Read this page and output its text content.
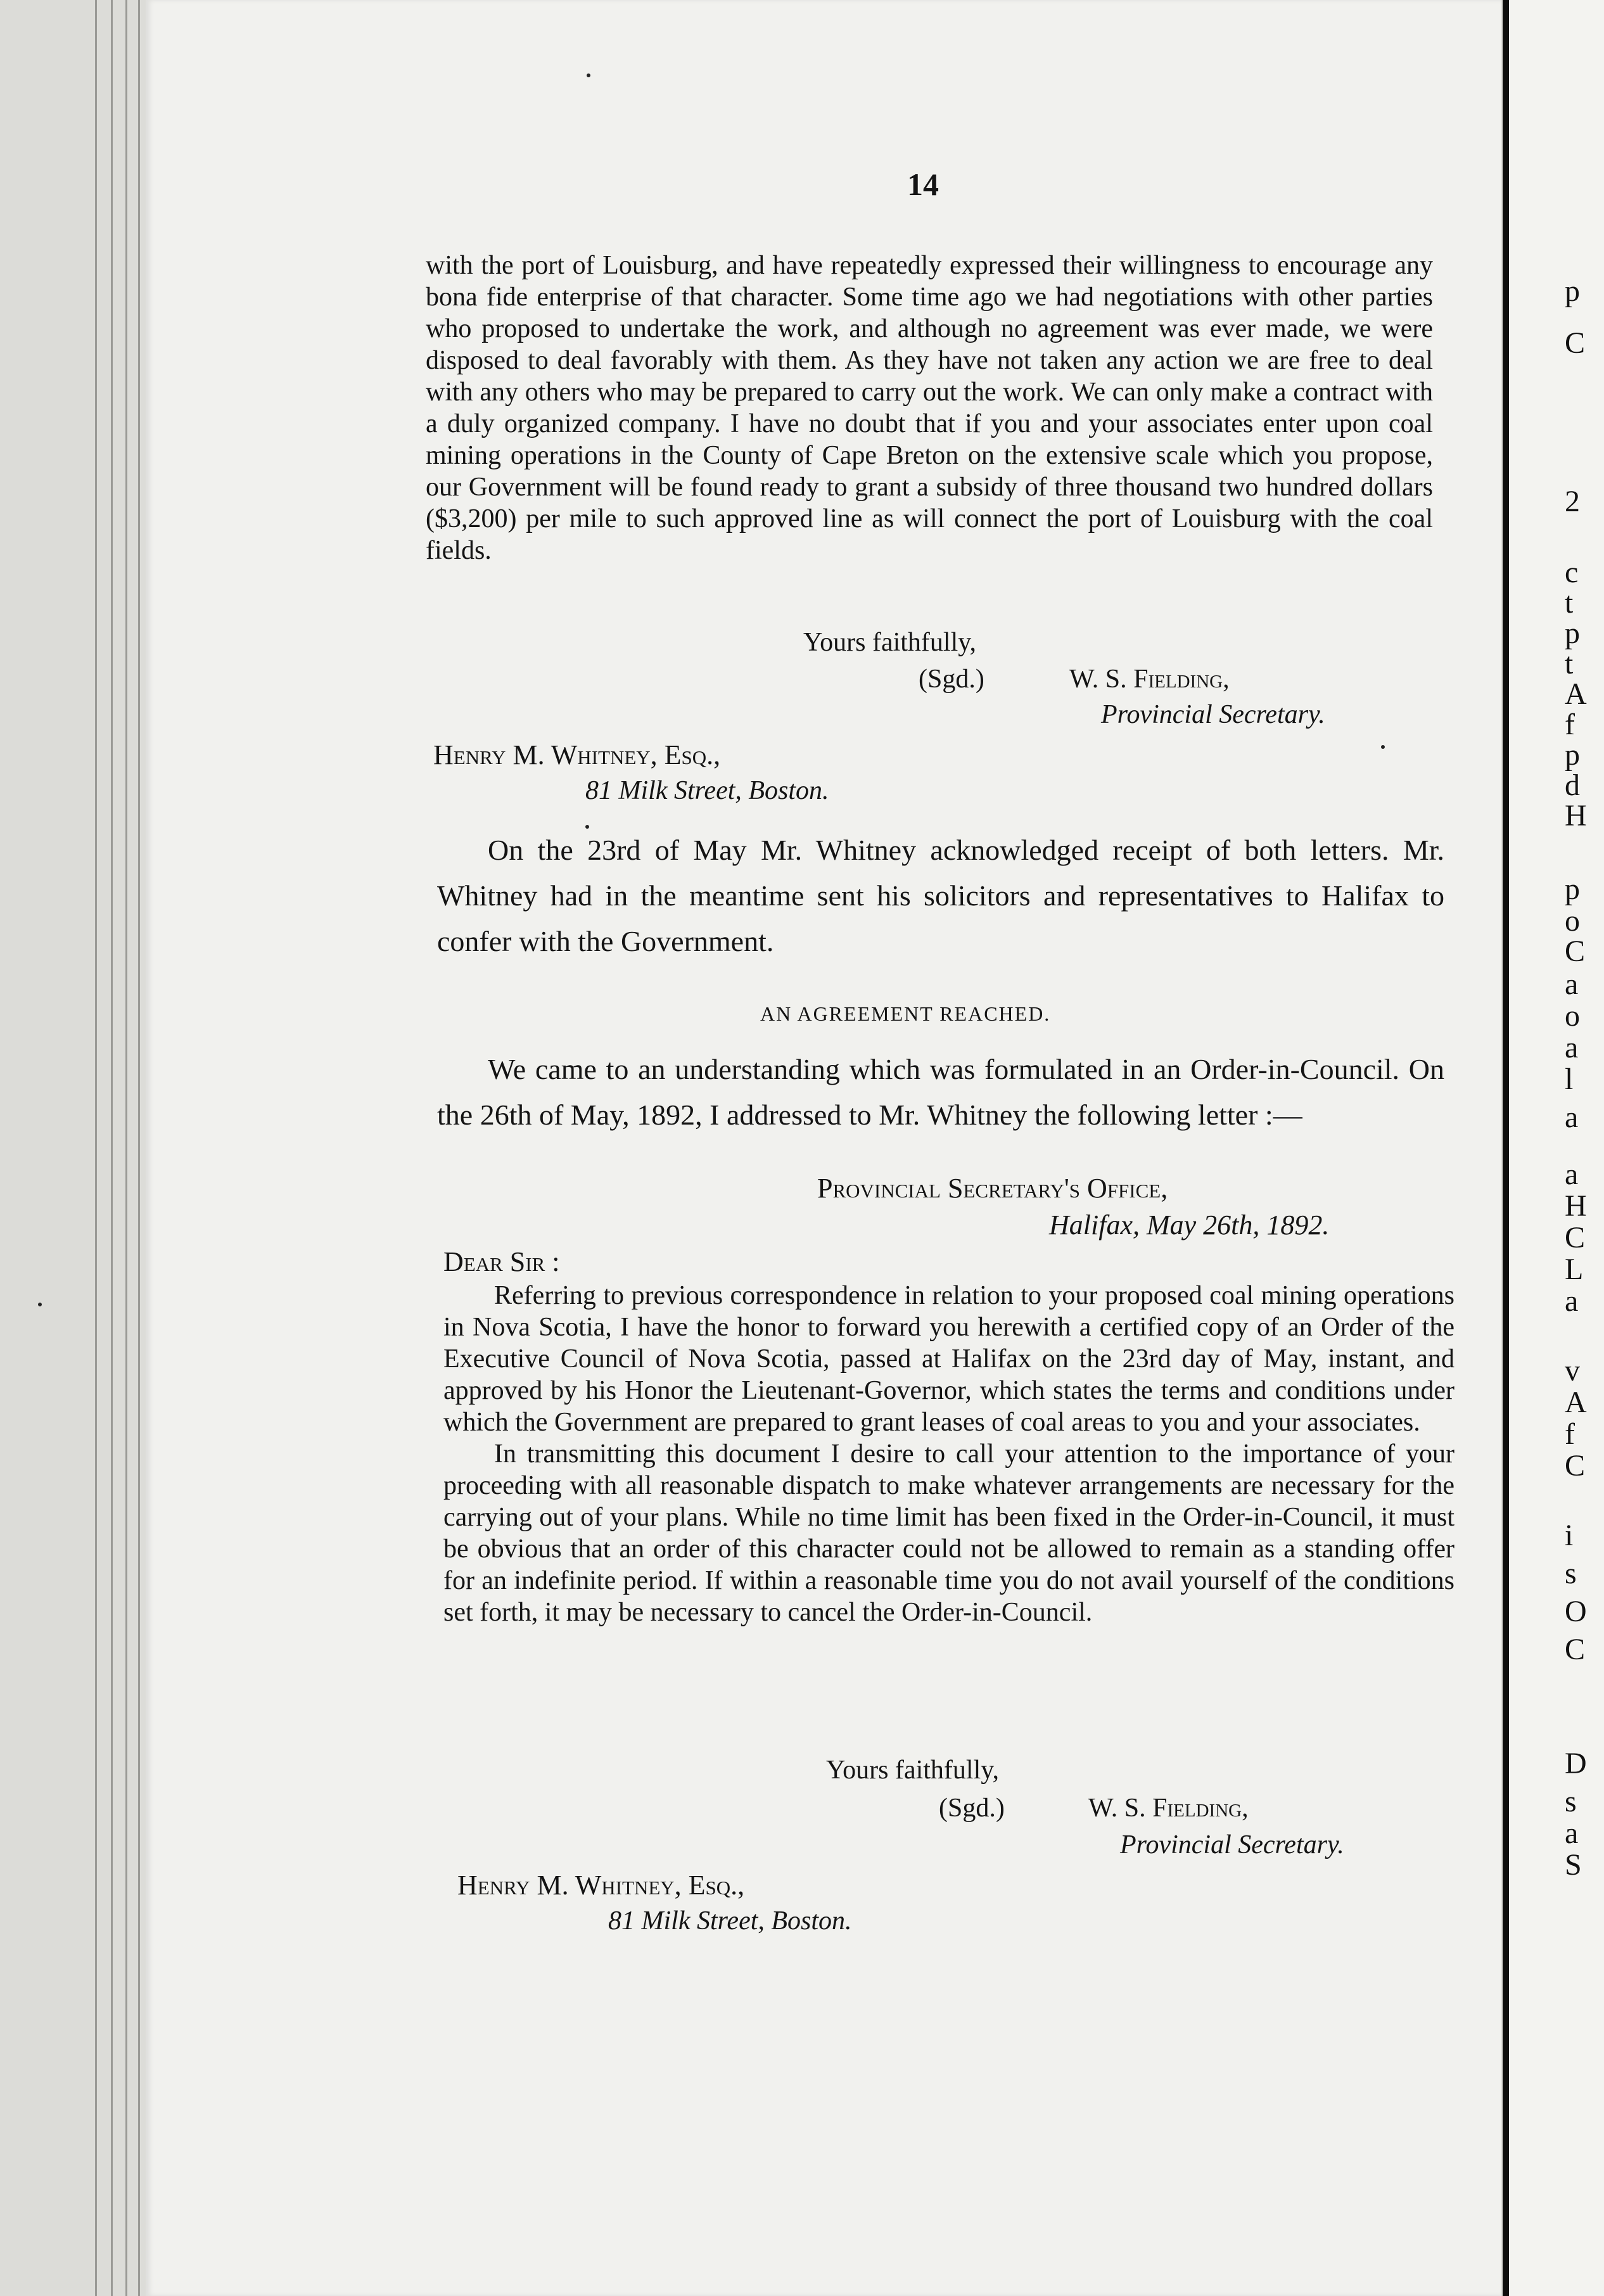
p
C
2
c
t
p
t
A
f
p
d
H
p
o
C
a
o
a
l
a
a
H
C
L
a
v
A
f
C
i
s
O
C
D
s
a
S
14

with the port of Louisburg, and have repeatedly expressed their willingness to encourage any bona fide enterprise of that character. Some time ago we had negotiations with other parties who proposed to undertake the work, and although no agreement was ever made, we were disposed to deal favorably with them. As they have not taken any action we are free to deal with any others who may be prepared to carry out the work. We can only make a contract with a duly organized company. I have no doubt that if you and your associates enter upon coal mining operations in the County of Cape Breton on the extensive scale which you propose, our Government will be found ready to grant a subsidy of three thousand two hundred dollars ($3,200) per mile to such approved line as will connect the port of Louisburg with the coal fields.

Yours faithfully,
(Sgd.)	W. S. Fielding,
Provincial Secretary.
Henry M. Whitney, Esq.,
81 Milk Street, Boston.

On the 23rd of May Mr. Whitney acknowledged receipt of both letters. Mr. Whitney had in the meantime sent his solicitors and representatives to Halifax to confer with the Government.

AN AGREEMENT REACHED.

We came to an understanding which was formulated in an Order-in-Council. On the 26th of May, 1892, I addressed to Mr. Whitney the following letter :—

Provincial Secretary's Office,
Halifax, May 26th, 1892.
Dear Sir :

Referring to previous correspondence in relation to your proposed coal mining operations in Nova Scotia, I have the honor to forward you herewith a certified copy of an Order of the Executive Council of Nova Scotia, passed at Halifax on the 23rd day of May, instant, and approved by his Honor the Lieutenant-Governor, which states the terms and conditions under which the Government are prepared to grant leases of coal areas to you and your associates.

In transmitting this document I desire to call your attention to the importance of your proceeding with all reasonable dispatch to make whatever arrangements are necessary for the carrying out of your plans. While no time limit has been fixed in the Order-in-Council, it must be obvious that an order of this character could not be allowed to remain as a standing offer for an indefinite period. If within a reasonable time you do not avail yourself of the conditions set forth, it may be necessary to cancel the Order-in-Council.

Yours faithfully,
(Sgd.)	W. S. Fielding,
Provincial Secretary.
Henry M. Whitney, Esq.,
81 Milk Street, Boston.
